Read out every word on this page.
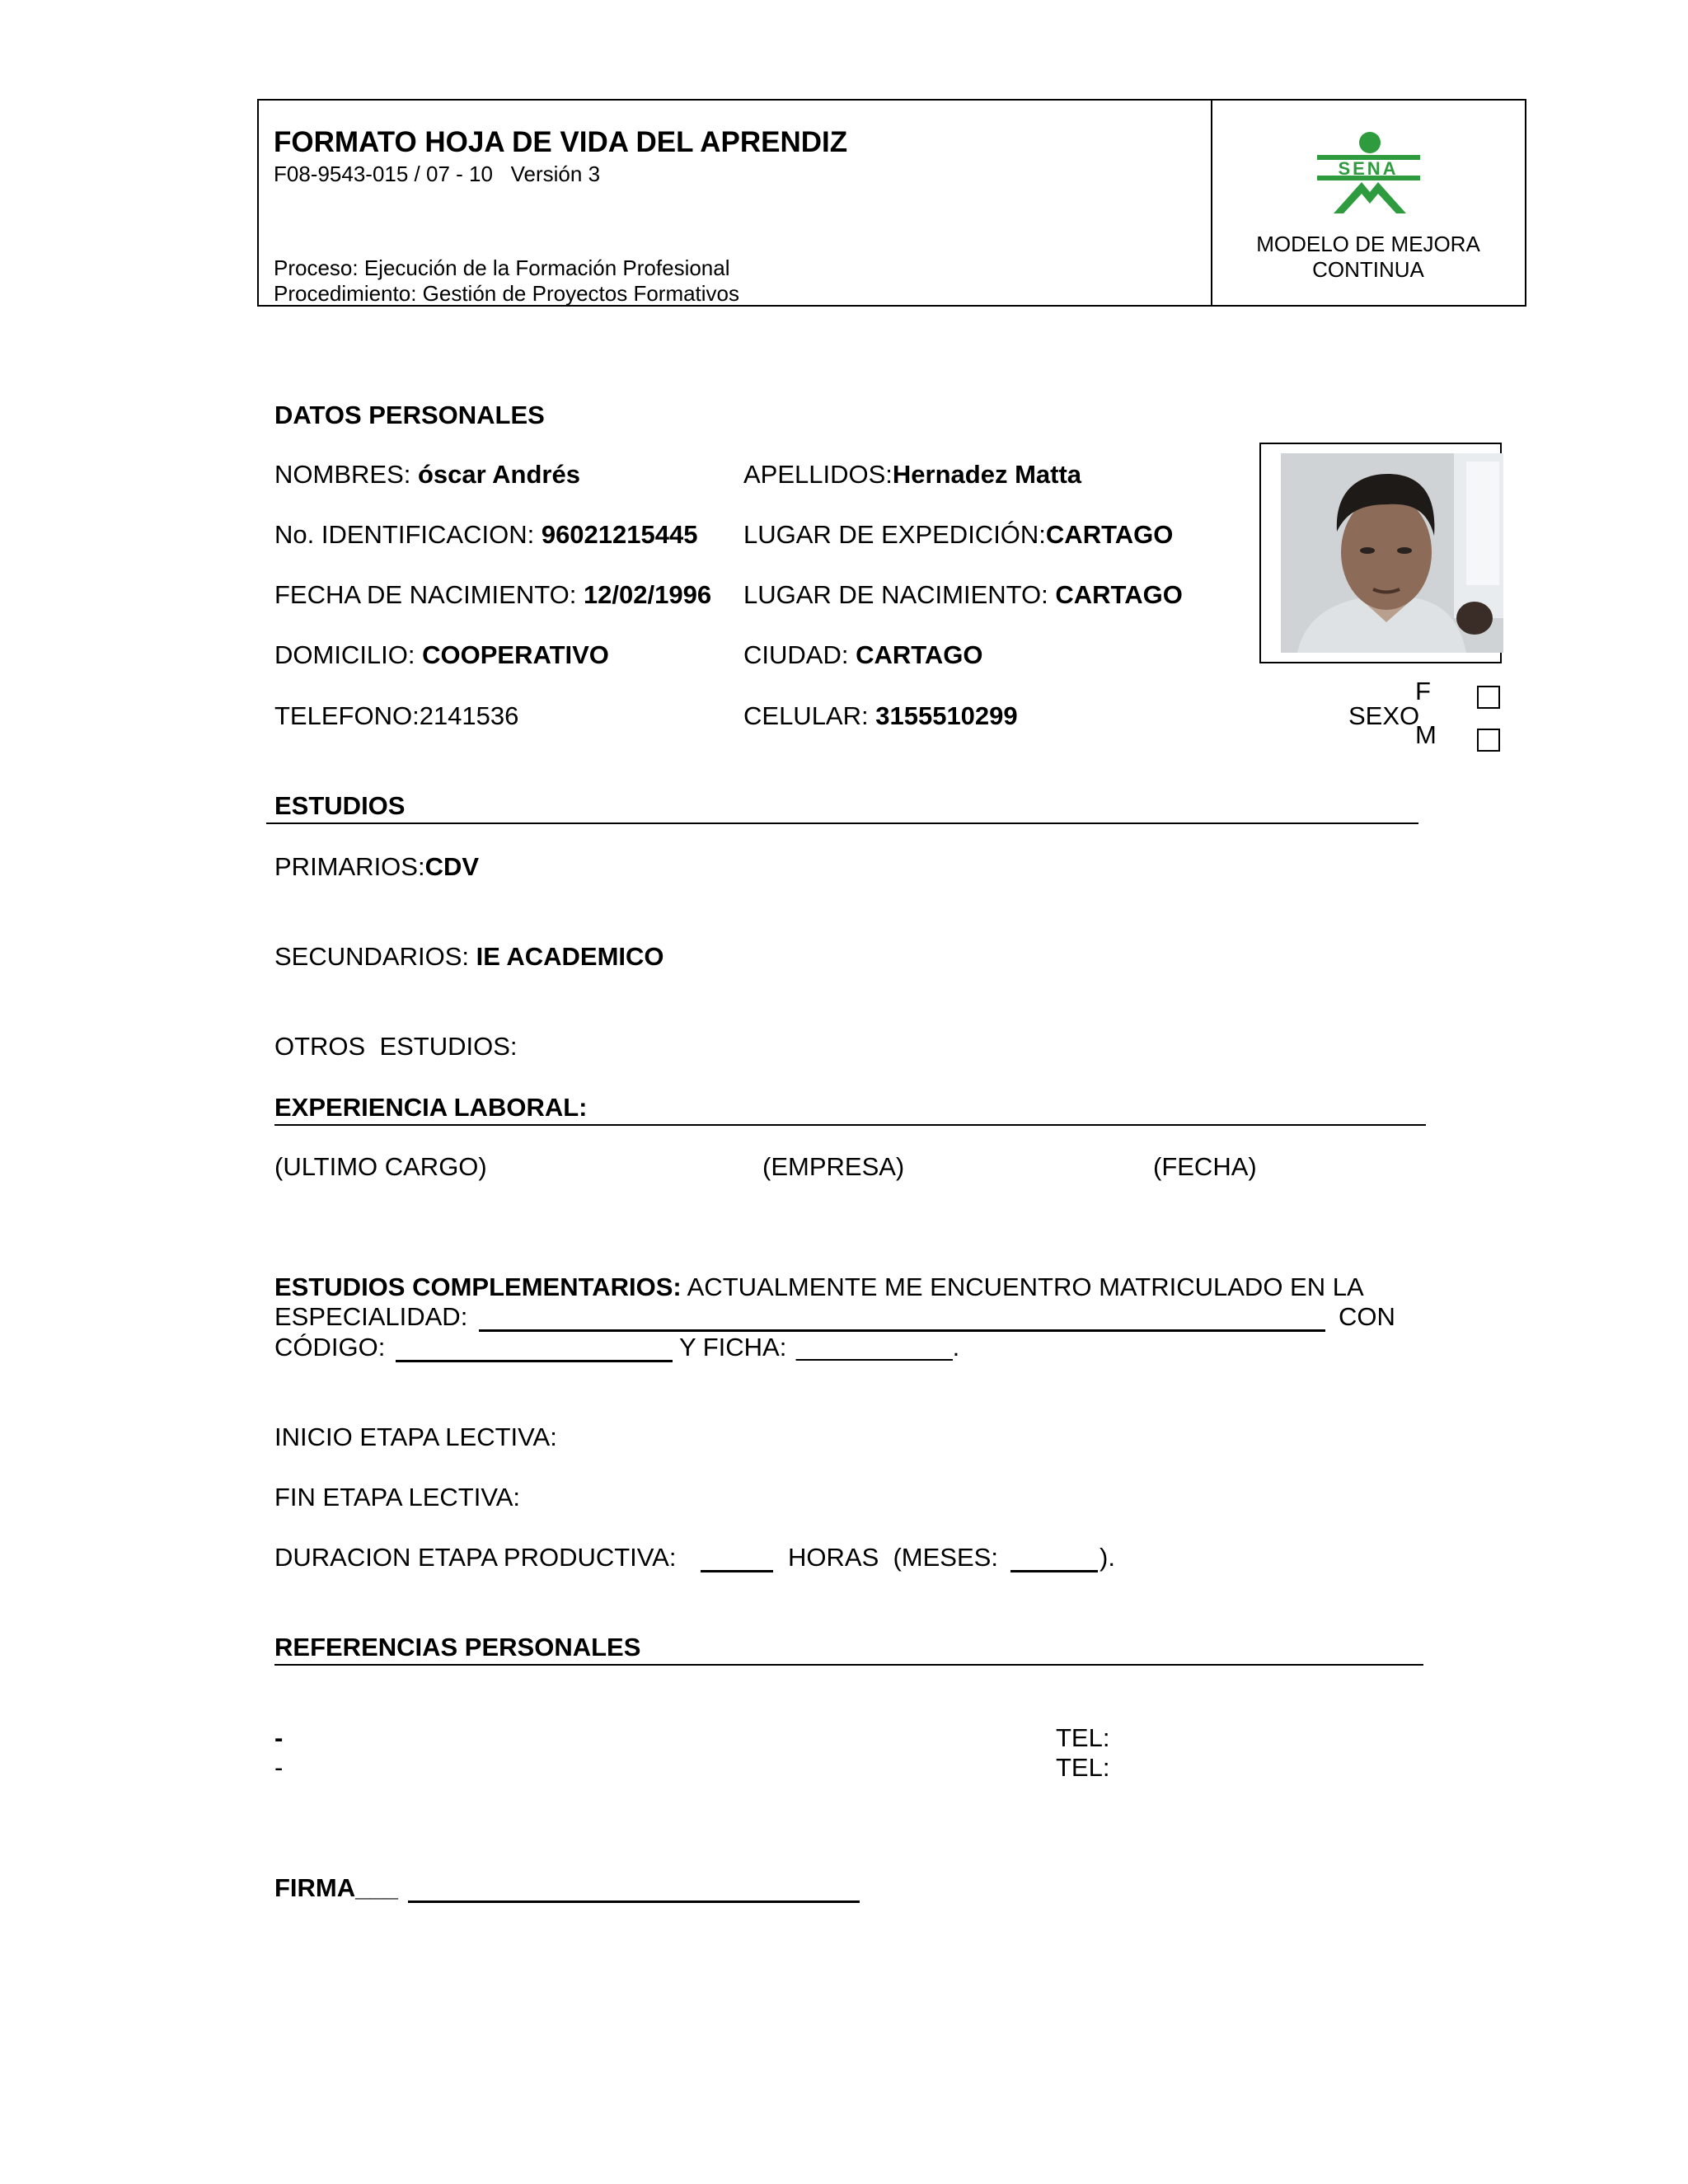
FORMATO HOJA DE VIDA DEL APRENDIZ
F08-9543-015 / 07 - 10   Versión 3
Proceso: Ejecución de la Formación Profesional
Procedimiento: Gestión de Proyectos Formativos
SENA
MODELO DE MEJORA
CONTINUA
DATOS PERSONALES
NOMBRES: óscar Andrés	APELLIDOS:Hernadez Matta
No. IDENTIFICACION: 96021215445 LUGAR DE EXPEDICIÓN:CARTAGO
FECHA DE NACIMIENTO: 12/02/1996 LUGAR DE NACIMIENTO: CARTAGO
DOMICILIO: COOPERATIVO	CIUDAD: CARTAGO
TELEFONO:2141536	CELULAR: 3155510299	SEXO
F
M
ESTUDIOS
PRIMARIOS:CDV
SECUNDARIOS: IE ACADEMICO
OTROS  ESTUDIOS:
EXPERIENCIA LABORAL:
(ULTIMO CARGO)	(EMPRESA)	(FECHA)
ESTUDIOS COMPLEMENTARIOS: ACTUALMENTE ME ENCUENTRO MATRICULADO EN LA
ESPECIALIDAD:	CON
CÓDIGO:	Y FICHA: ___________.
INICIO ETAPA LECTIVA:
FIN ETAPA LECTIVA:
DURACION ETAPA PRODUCTIVA:	HORAS  (MESES:	).
REFERENCIAS PERSONALES
-	TEL:
-	TEL:
FIRMA___
